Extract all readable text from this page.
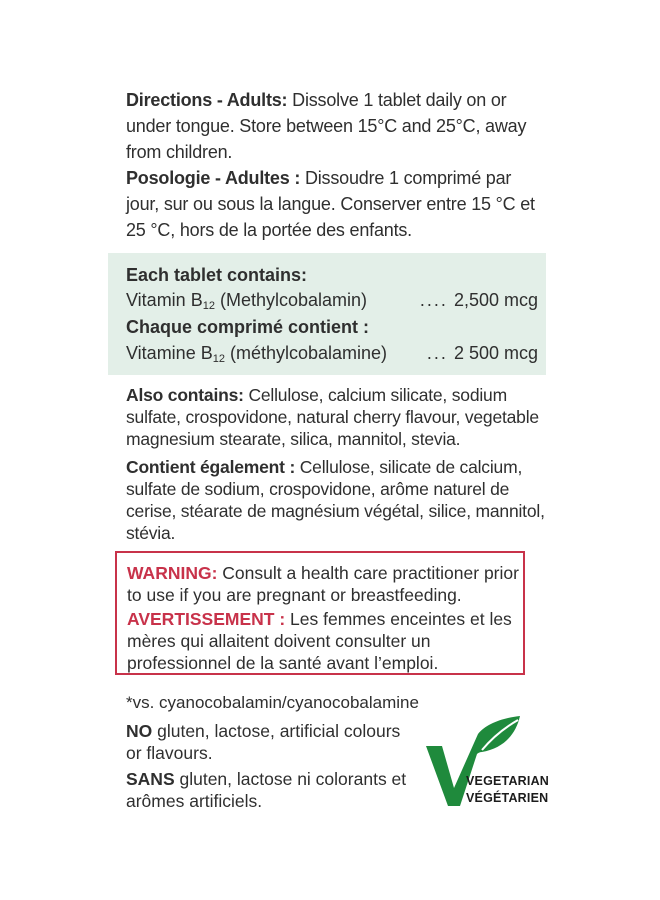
Directions - Adults: Dissolve 1 tablet daily on or under tongue. Store between 15°C and 25°C, away from children.

Posologie - Adultes : Dissoudre 1 comprimé par jour, sur ou sous la langue. Conserver entre 15 °C et 25 °C, hors de la portée des enfants.

Each tablet contains:
Vitamin $B_{12}$ (Methylcobalamin)	.... 2,500 mcg
Chaque comprimé contient :
Vitamine $B_{12}$ (méthylcobalamine) ... 2 500 mcg

Also contains: Cellulose, calcium silicate, sodium sulfate, crospovidone, natural cherry flavour, vegetable magnesium stearate, silica, mannitol, stevia.

Contient également : Cellulose, silicate de calcium, sulfate de sodium, crospovidone, arôme naturel de cerise, stéarate de magnésium végétal, silice, mannitol, stévia.

WARNING: Consult a health care practitioner prior to use if you are pregnant or breastfeeding.
AVERTISSEMENT : Les femmes enceintes et les mères qui allaitent doivent consulter un professionnel de la santé avant l’emploi.
*vs. cyanocobalamin/cyanocobalamine
NO gluten, lactose, artificial colours or flavours.
SANS gluten, lactose ni colorants et arômes artificiels.
VEGETARIAN
VÉGÉTARIEN
